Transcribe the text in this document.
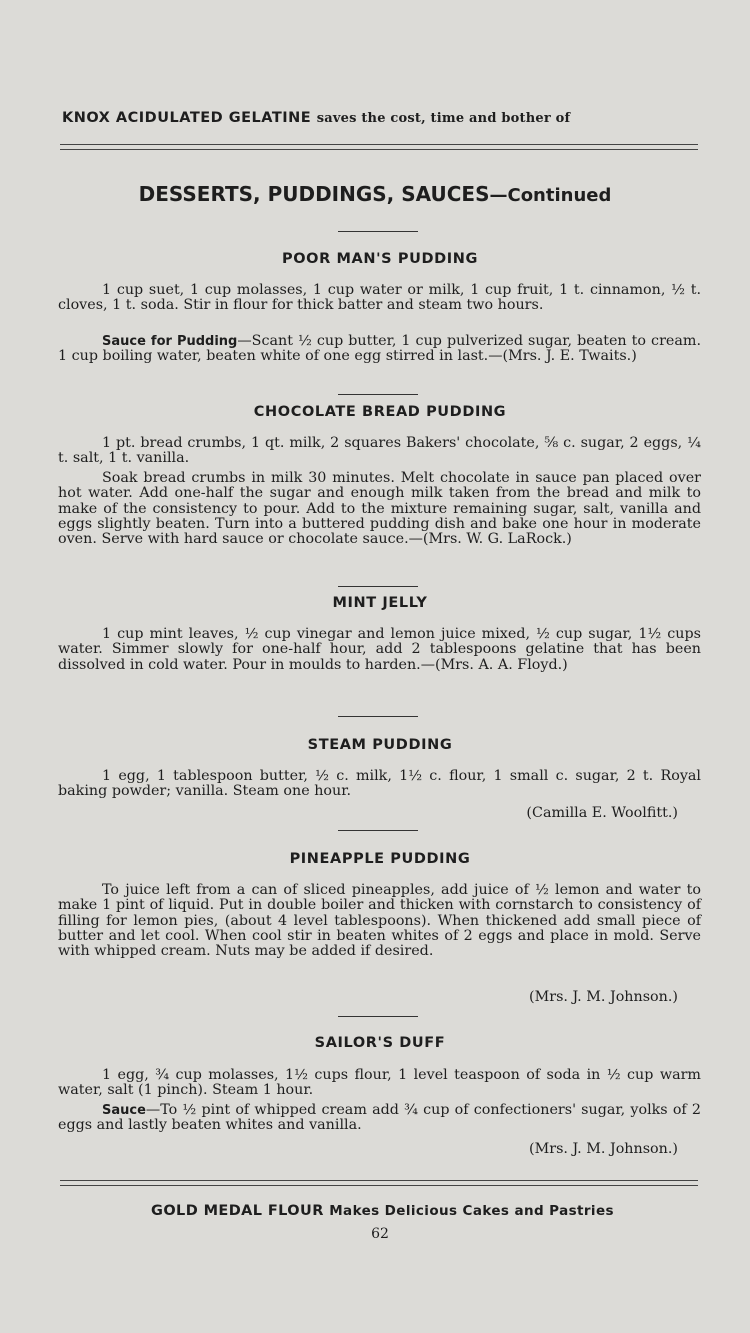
KNOX ACIDULATED GELATINE saves the cost, time and bother of
DESSERTS, PUDDINGS, SAUCES—Continued
POOR MAN'S PUDDING
1 cup suet, 1 cup molasses, 1 cup water or milk, 1 cup fruit, 1 t. cinnamon, ½ t. cloves, 1 t. soda. Stir in flour for thick batter and steam two hours.
Sauce for Pudding—Scant ½ cup butter, 1 cup pulverized sugar, beaten to cream. 1 cup boiling water, beaten white of one egg stirred in last.—(Mrs. J. E. Twaits.)
CHOCOLATE BREAD PUDDING
1 pt. bread crumbs, 1 qt. milk, 2 squares Bakers' chocolate, ⅝ c. sugar, 2 eggs, ¼ t. salt, 1 t. vanilla.
Soak bread crumbs in milk 30 minutes. Melt chocolate in sauce pan placed over hot water. Add one-half the sugar and enough milk taken from the bread and milk to make of the consistency to pour. Add to the mixture remaining sugar, salt, vanilla and eggs slightly beaten. Turn into a buttered pudding dish and bake one hour in moderate oven. Serve with hard sauce or chocolate sauce.—(Mrs. W. G. LaRock.)
MINT JELLY
1 cup mint leaves, ½ cup vinegar and lemon juice mixed, ½ cup sugar, 1½ cups water. Simmer slowly for one-half hour, add 2 tablespoons gelatine that has been dissolved in cold water. Pour in moulds to harden.—(Mrs. A. A. Floyd.)
STEAM PUDDING
1 egg, 1 tablespoon butter, ½ c. milk, 1½ c. flour, 1 small c. sugar, 2 t. Royal baking powder; vanilla. Steam one hour.
(Camilla E. Woolfitt.)
PINEAPPLE PUDDING
To juice left from a can of sliced pineapples, add juice of ½ lemon and water to make 1 pint of liquid. Put in double boiler and thicken with cornstarch to consistency of filling for lemon pies, (about 4 level tablespoons). When thickened add small piece of butter and let cool. When cool stir in beaten whites of 2 eggs and place in mold. Serve with whipped cream. Nuts may be added if desired.
(Mrs. J. M. Johnson.)
SAILOR'S DUFF
1 egg, ¾ cup molasses, 1½ cups flour, 1 level teaspoon of soda in ½ cup warm water, salt (1 pinch). Steam 1 hour.
Sauce—To ½ pint of whipped cream add ¾ cup of confectioners' sugar, yolks of 2 eggs and lastly beaten whites and vanilla.
(Mrs. J. M. Johnson.)
GOLD MEDAL FLOUR Makes Delicious Cakes and Pastries
62
